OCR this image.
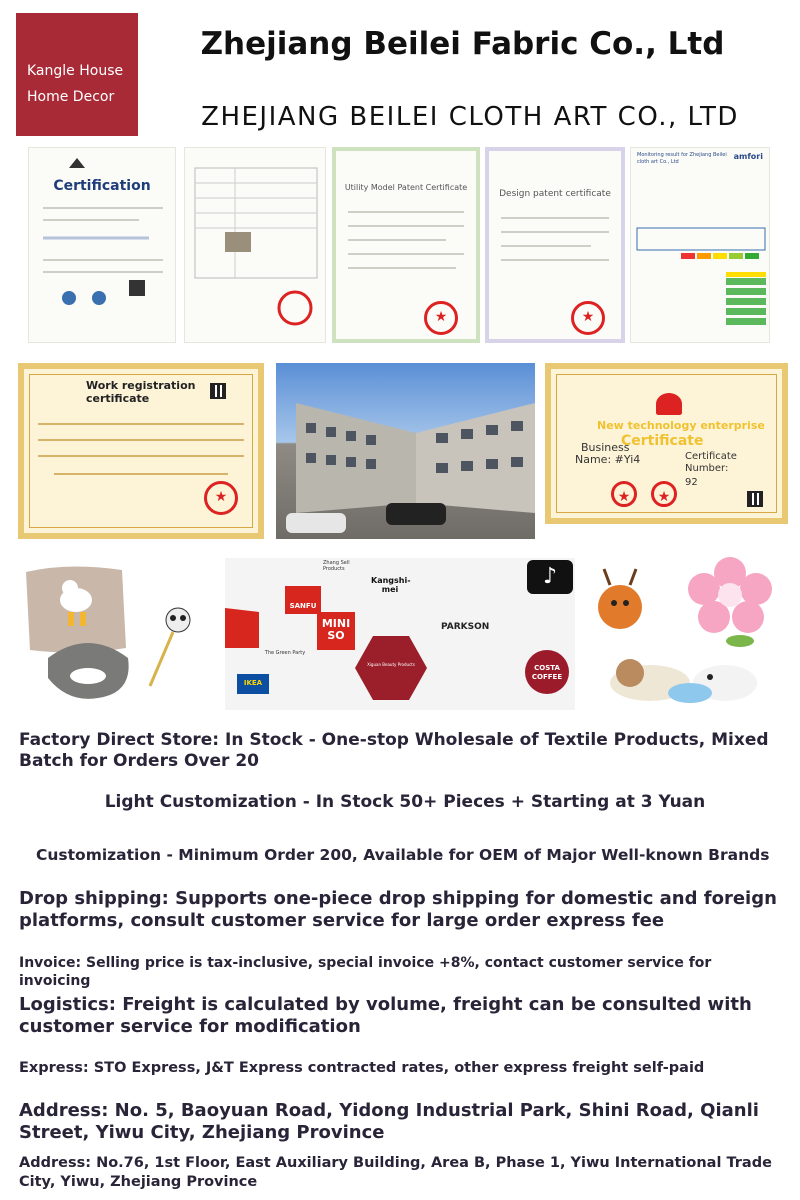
Kangle House
Home Decor
Zhejiang Beilei Fabric Co., Ltd
ZHEJIANG BEILEI CLOTH ART CO., LTD
Certification	Utility Model Patent Certificate
★
Design patent certificate
★
Monitoring result for Zhejiang Beilei cloth art Co., Ltd
amfori
Work registration certificate
★
New technology enterprise
Certificate
Business
Name: #Yi4	Certificate Number:
92
★
★
Zhang Sell Products
Kangshi-mei
SANFU
MINI SO
PARKSON
Xiguan Beauty Products
The Green Party
IKEA
COSTA COFFEE
♪
Factory Direct Store: In Stock - One-stop Wholesale of Textile Products, Mixed Batch for Orders Over 20
Light Customization - In Stock 50+ Pieces + Starting at 3 Yuan
Customization - Minimum Order 200, Available for OEM of Major Well-known Brands
Drop shipping: Supports one-piece drop shipping for domestic and foreign platforms, consult customer service for large order express fee
Invoice: Selling price is tax-inclusive, special invoice +8%, contact customer service for invoicing
Logistics: Freight is calculated by volume, freight can be consulted with customer service for modification
Express: STO Express, J&T Express contracted rates, other express freight self-paid
Address: No. 5, Baoyuan Road, Yidong Industrial Park, Shini Road, Qianli Street, Yiwu City, Zhejiang Province
Address: No.76, 1st Floor, East Auxiliary Building, Area B, Phase 1, Yiwu International Trade City, Yiwu, Zhejiang Province
